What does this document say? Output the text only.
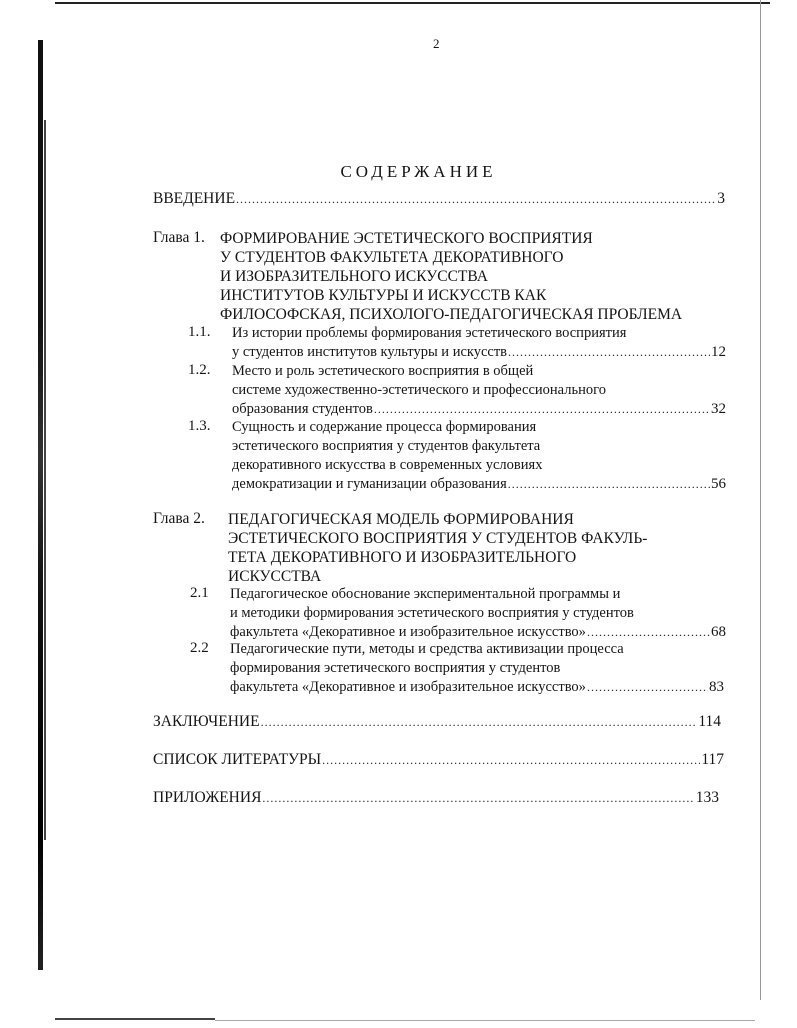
2
СОДЕРЖАНИЕ
ВВЕДЕНИЕ .....	3
Глава 1. ФОРМИРОВАНИЕ ЭСТЕТИЧЕСКОГО ВОСПРИЯТИЯ
У СТУДЕНТОВ ФАКУЛЬТЕТА ДЕКОРАТИВНОГО
И ИЗОБРАЗИТЕЛЬНОГО ИСКУССТВА
ИНСТИТУТОВ КУЛЬТУРЫ И ИСКУССТВ КАК
ФИЛОСОФСКАЯ, ПСИХОЛОГО-ПЕДАГОГИЧЕСКАЯ ПРОБЛЕМА
1.1. Из истории проблемы формирования эстетического восприятия
у студентов институтов культуры и искусств .....	12
1.2. Место и роль эстетического восприятия в общей
системе художественно-эстетического и профессионального
образования студентов .....	32
1.3. Сущность и содержание процесса формирования
эстетического восприятия у студентов факультета
декоративного искусства в современных условиях
демократизации и гуманизации образования .....	56
Глава 2. ПЕДАГОГИЧЕСКАЯ МОДЕЛЬ ФОРМИРОВАНИЯ
ЭСТЕТИЧЕСКОГО ВОСПРИЯТИЯ У СТУДЕНТОВ ФАКУЛЬ-
ТЕТА ДЕКОРАТИВНОГО И ИЗОБРАЗИТЕЛЬНОГО
ИСКУССТВА
2.1 Педагогическое обоснование экспериментальной программы и
и методики формирования эстетического восприятия у студентов
факультета «Декоративное и изобразительное искусство» .....	68
2.2 Педагогические пути, методы и средства активизации процесса
формирования эстетического восприятия у студентов
факультета «Декоративное и изобразительное искусство» .....	83
ЗАКЛЮЧЕНИЕ .....	114
СПИСОК ЛИТЕРАТУРЫ .....	117
ПРИЛОЖЕНИЯ .....	133
